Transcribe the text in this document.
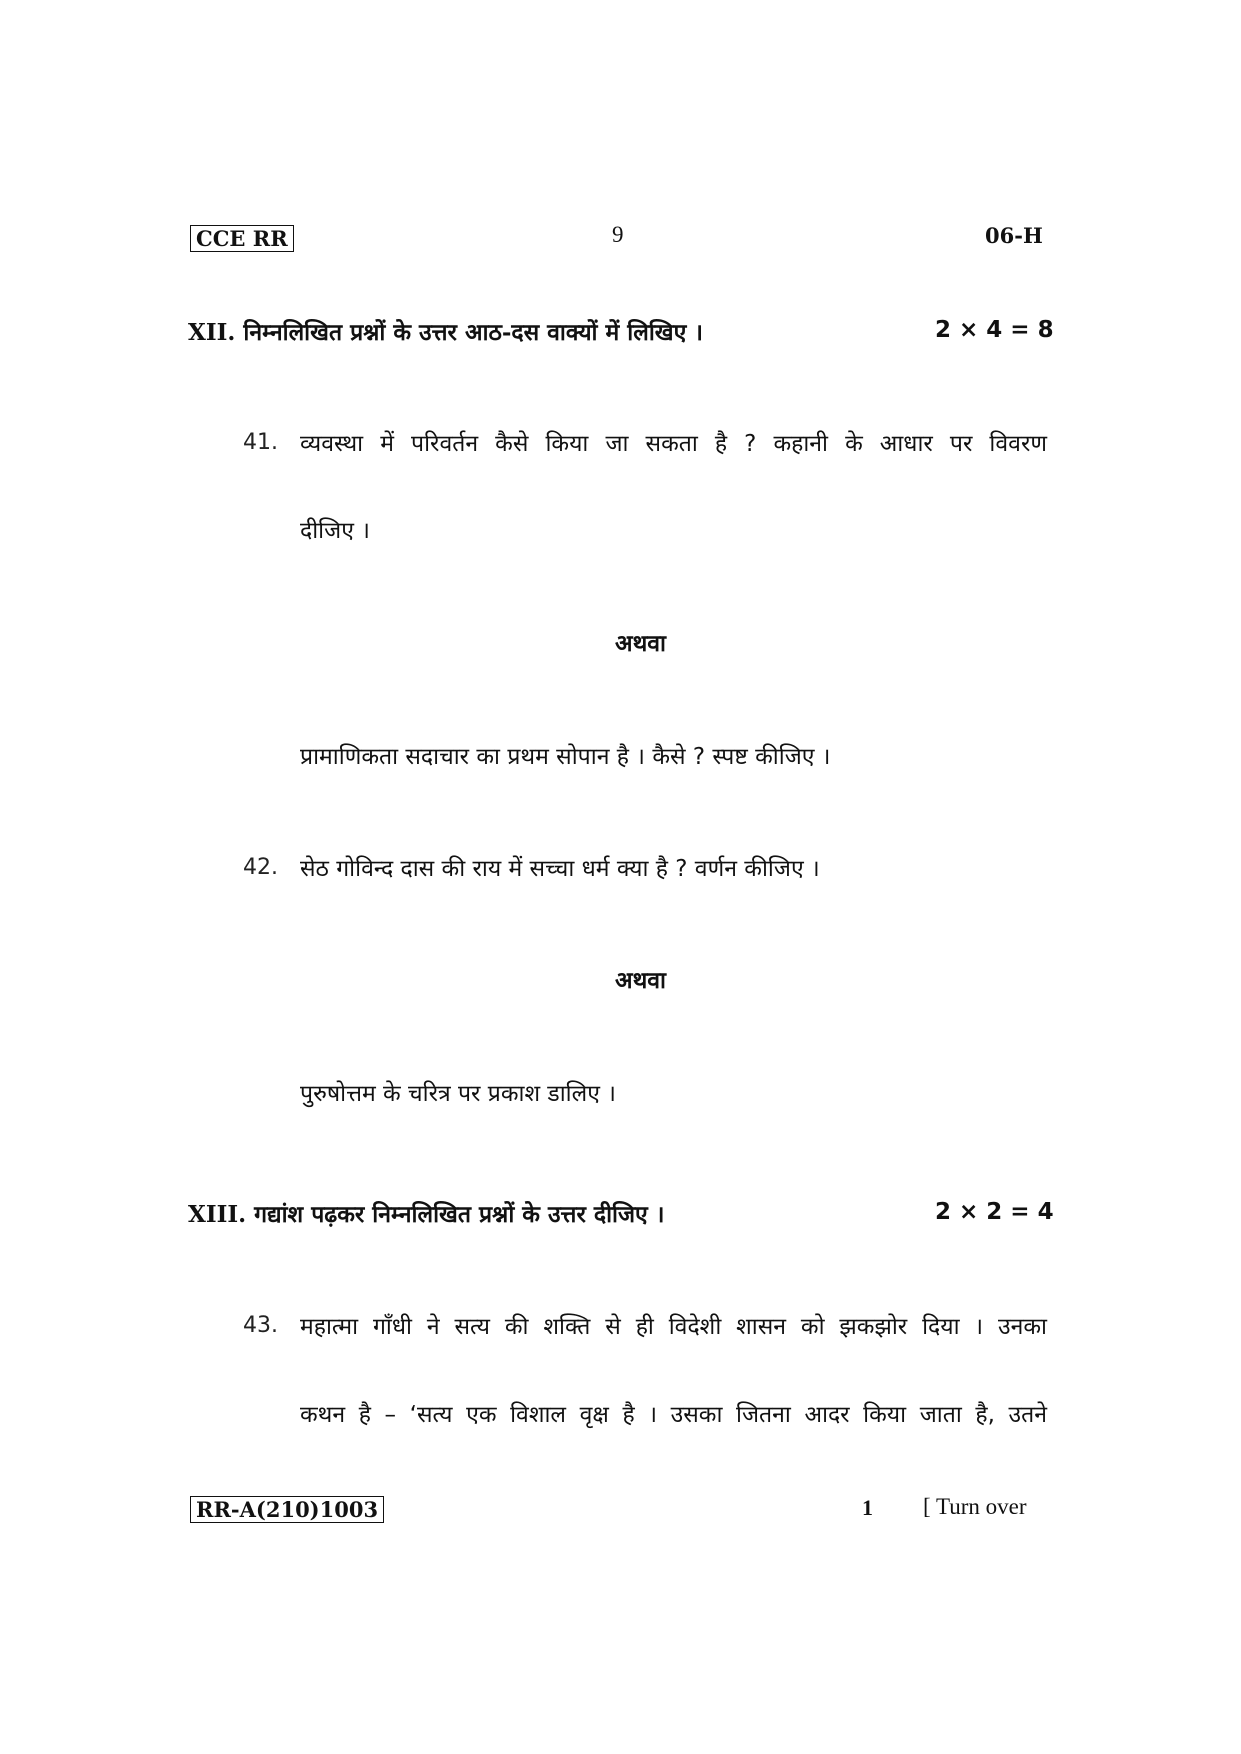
CCE RR	9	06-H
XII. निम्नलिखित प्रश्नों के उत्तर आठ-दस वाक्यों में लिखिए ।	2 × 4 = 8
41. व्यवस्था में परिवर्तन कैसे किया जा सकता है ? कहानी के आधार पर विवरण
दीजिए ।
अथवा
प्रामाणिकता सदाचार का प्रथम सोपान है । कैसे ? स्पष्ट कीजिए ।
42. सेठ गोविन्द दास की राय में सच्चा धर्म क्या है ? वर्णन कीजिए ।
अथवा
पुरुषोत्तम के चरित्र पर प्रकाश डालिए ।
XIII. गद्यांश पढ़कर निम्नलिखित प्रश्नों के उत्तर दीजिए ।	2 × 2 = 4
43. महात्मा गाँधी ने सत्य की शक्ति से ही विदेशी शासन को झकझोर दिया । उनका
कथन है – ‘सत्य एक विशाल वृक्ष है । उसका जितना आदर किया जाता है, उतने
RR-A(210)1003	1 [ Turn over
